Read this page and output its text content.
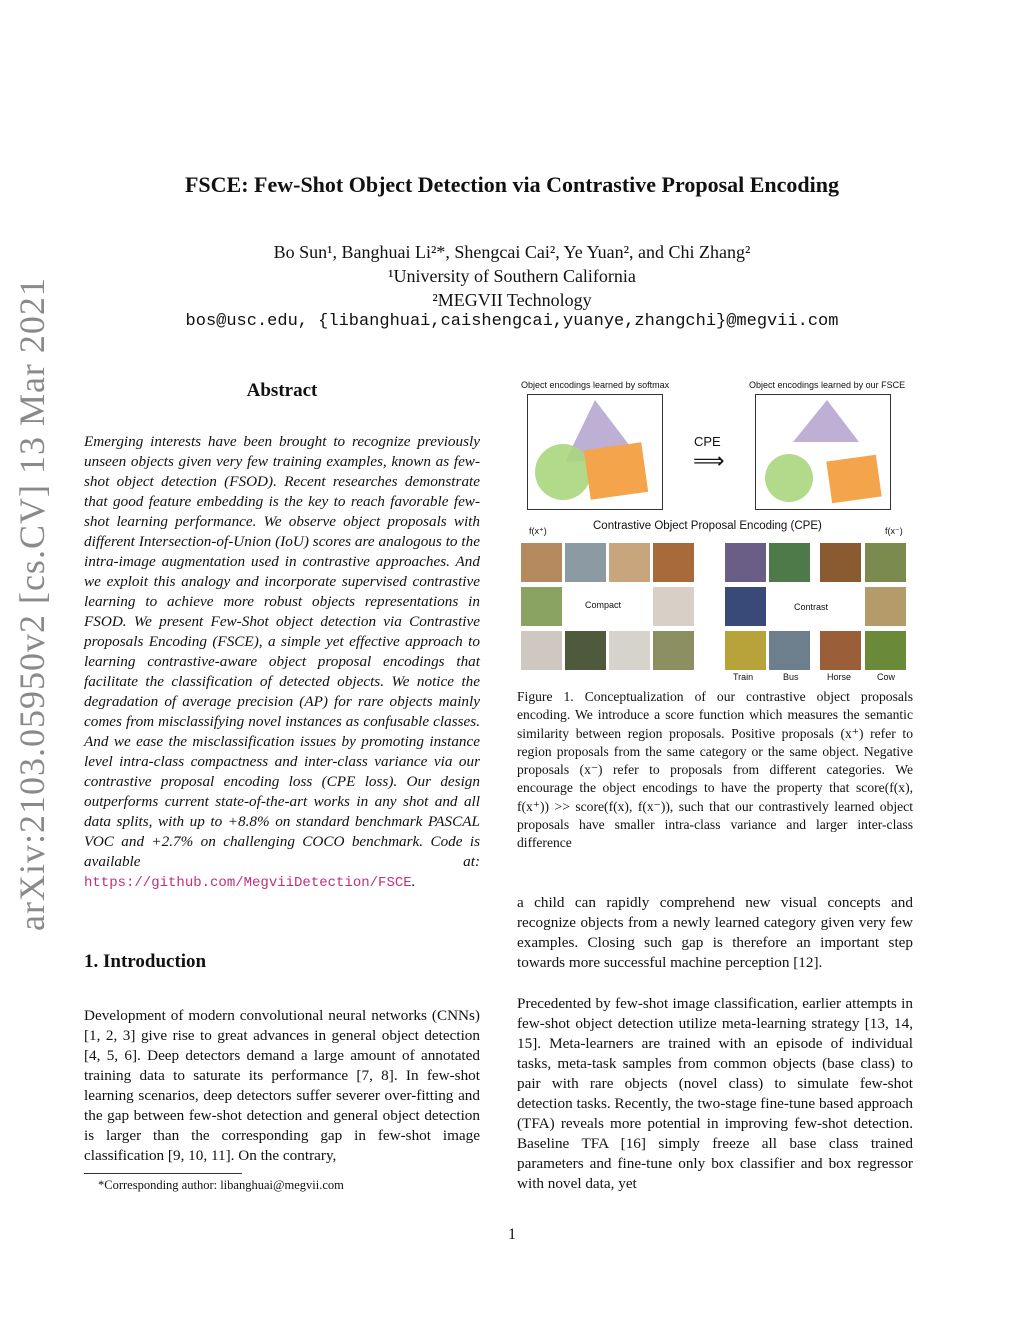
FSCE: Few-Shot Object Detection via Contrastive Proposal Encoding
Bo Sun¹, Banghuai Li²*, Shengcai Cai², Ye Yuan², and Chi Zhang²
¹University of Southern California
²MEGVII Technology
bos@usc.edu, {libanghuai,caishengcai,yuanye,zhangchi}@megvii.com
arXiv:2103.05950v2 [cs.CV] 13 Mar 2021	Abstract
Emerging interests have been brought to recognize previously unseen objects given very few training examples, known as few-shot object detection (FSOD). Recent researches demonstrate that good feature embedding is the key to reach favorable few-shot learning performance. We observe object proposals with different Intersection-of-Union (IoU) scores are analogous to the intra-image augmentation used in contrastive approaches. And we exploit this analogy and incorporate supervised contrastive learning to achieve more robust objects representations in FSOD. We present Few-Shot object detection via Contrastive proposals Encoding (FSCE), a simple yet effective approach to learning contrastive-aware object proposal encodings that facilitate the classification of detected objects. We notice the degradation of average precision (AP) for rare objects mainly comes from misclassifying novel instances as confusable classes. And we ease the misclassification issues by promoting instance level intra-class compactness and inter-class variance via our contrastive proposal encoding loss (CPE loss). Our design outperforms current state-of-the-art works in any shot and all data splits, with up to +8.8% on standard benchmark PASCAL VOC and +2.7% on challenging COCO benchmark. Code is available at: https://github.com/MegviiDetection/FSCE.
1. Introduction
Development of modern convolutional neural networks (CNNs) [1, 2, 3] give rise to great advances in general object detection [4, 5, 6]. Deep detectors demand a large amount of annotated training data to saturate its performance [7, 8]. In few-shot learning scenarios, deep detectors suffer severer over-fitting and the gap between few-shot detection and general object detection is larger than the corresponding gap in few-shot image classification [9, 10, 11]. On the contrary,
*Corresponding author: libanghuai@megvii.com
Object encodings learned by softmax	Object encodings learned by our FSCE
CPE
⟹
Contrastive Object Proposal Encoding (CPE)
f(x⁺)	f(x⁻)
Compact	Contrast
Train	Bus	Horse	Cow
Figure 1. Conceptualization of our contrastive object proposals encoding. We introduce a score function which measures the semantic similarity between region proposals. Positive proposals (x⁺) refer to region proposals from the same category or the same object. Negative proposals (x⁻) refer to proposals from different categories. We encourage the object encodings to have the property that score(f(x), f(x⁺)) >> score(f(x), f(x⁻)), such that our contrastively learned object proposals have smaller intra-class variance and larger inter-class difference
a child can rapidly comprehend new visual concepts and recognize objects from a newly learned category given very few examples. Closing such gap is therefore an important step towards more successful machine perception [12].
Precedented by few-shot image classification, earlier attempts in few-shot object detection utilize meta-learning strategy [13, 14, 15]. Meta-learners are trained with an episode of individual tasks, meta-task samples from common objects (base class) to pair with rare objects (novel class) to simulate few-shot detection tasks. Recently, the two-stage fine-tune based approach (TFA) reveals more potential in improving few-shot detection. Baseline TFA [16] simply freeze all base class trained parameters and fine-tune only box classifier and box regressor with novel data, yet
1
